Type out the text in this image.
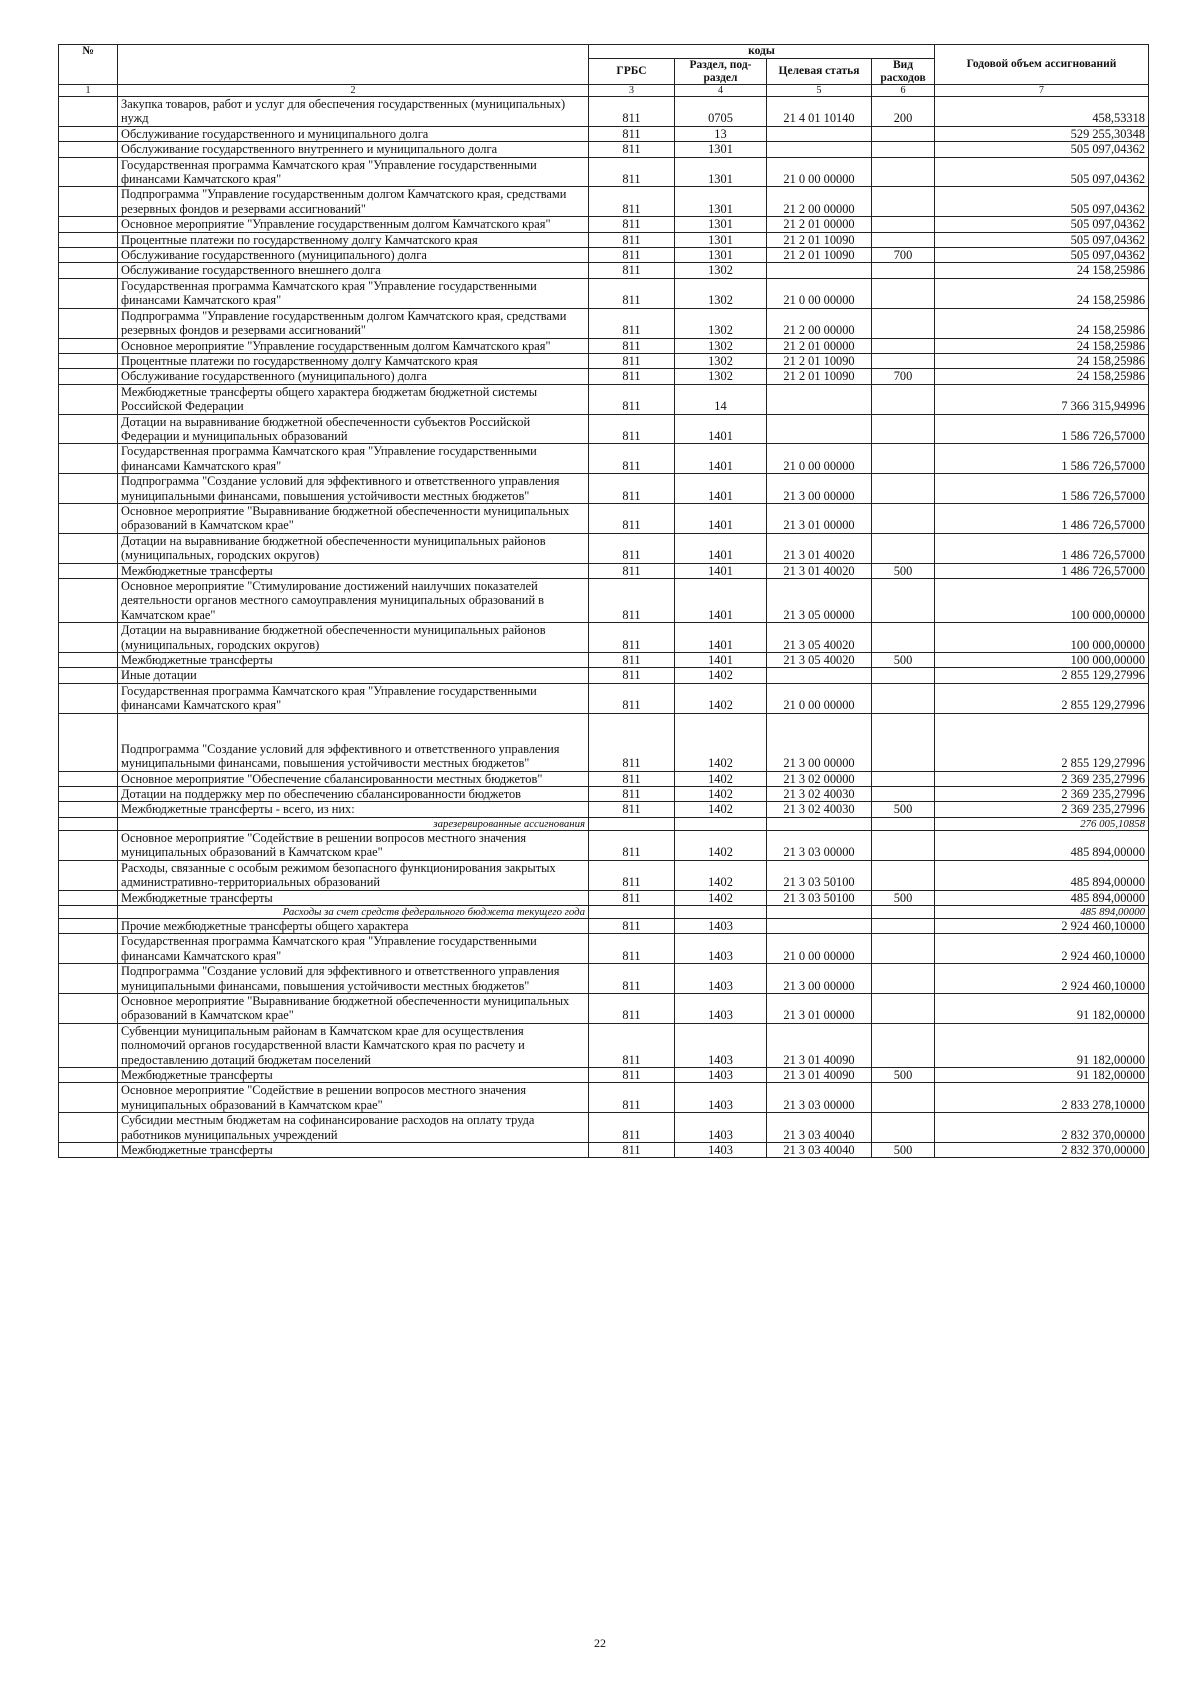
№		коды				Годовой объем ассигнований
		ГРБС	Раздел, под-раздел	Целевая статья	Вид расходов	
1	2	3	4	5	6	7
	Закупка товаров, работ и услуг для обеспечения государственных (муниципальных) нужд	811	0705	21 4 01 10140	200	458,53318
	Обслуживание государственного и муниципального долга	811	13			529 255,30348
	Обслуживание государственного внутреннего и муниципального долга	811	1301			505 097,04362
	Государственная программа Камчатского края "Управление государственными финансами Камчатского края"	811	1301	21 0 00 00000		505 097,04362
	Подпрограмма "Управление государственным долгом Камчатского края, средствами резервных фондов и резервами ассигнований"	811	1301	21 2 00 00000		505 097,04362
	Основное мероприятие "Управление государственным долгом Камчатского края"	811	1301	21 2 01 00000		505 097,04362
	Процентные платежи по государственному долгу Камчатского края	811	1301	21 2 01 10090		505 097,04362
	Обслуживание государственного (муниципального) долга	811	1301	21 2 01 10090	700	505 097,04362
	Обслуживание государственного внешнего долга	811	1302			24 158,25986
	Государственная программа Камчатского края "Управление государственными финансами Камчатского края"	811	1302	21 0 00 00000		24 158,25986
	Подпрограмма "Управление государственным долгом Камчатского края, средствами резервных фондов и резервами ассигнований"	811	1302	21 2 00 00000		24 158,25986
	Основное мероприятие "Управление государственным долгом Камчатского края"	811	1302	21 2 01 00000		24 158,25986
	Процентные платежи по государственному долгу Камчатского края	811	1302	21 2 01 10090		24 158,25986
	Обслуживание государственного (муниципального) долга	811	1302	21 2 01 10090	700	24 158,25986
	Межбюджетные трансферты общего характера бюджетам бюджетной системы Российской Федерации	811	14			7 366 315,94996
	Дотации на выравнивание бюджетной обеспеченности субъектов Российской Федерации и муниципальных образований	811	1401			1 586 726,57000
	Государственная программа Камчатского края "Управление государственными финансами Камчатского края"	811	1401	21 0 00 00000		1 586 726,57000
	Подпрограмма "Создание условий для эффективного и ответственного управления муниципальными финансами, повышения устойчивости местных бюджетов"	811	1401	21 3 00 00000		1 586 726,57000
	Основное мероприятие "Выравнивание бюджетной обеспеченности муниципальных образований в Камчатском крае"	811	1401	21 3 01 00000		1 486 726,57000
	Дотации на выравнивание бюджетной обеспеченности муниципальных районов (муниципальных, городских округов)	811	1401	21 3 01 40020		1 486 726,57000
	Межбюджетные трансферты	811	1401	21 3 01 40020	500	1 486 726,57000
	Основное мероприятие "Стимулирование достижений наилучших показателей деятельности органов местного самоуправления муниципальных образований в Камчатском крае"	811	1401	21 3 05 00000		100 000,00000
	Дотации на выравнивание бюджетной обеспеченности муниципальных районов (муниципальных, городских округов)	811	1401	21 3 05 40020		100 000,00000
	Межбюджетные трансферты	811	1401	21 3 05 40020	500	100 000,00000
	Иные дотации	811	1402			2 855 129,27996
	Государственная программа Камчатского края "Управление государственными финансами Камчатского края"	811	1402	21 0 00 00000		2 855 129,27996
	Подпрограмма "Создание условий для эффективного и ответственного управления муниципальными финансами, повышения устойчивости местных бюджетов"	811	1402	21 3 00 00000		2 855 129,27996
	Основное мероприятие "Обеспечение сбалансированности местных бюджетов"	811	1402	21 3 02 00000		2 369 235,27996
	Дотации на поддержку мер по обеспечению сбалансированности бюджетов	811	1402	21 3 02 40030		2 369 235,27996
	Межбюджетные трансферты - всего, из них:	811	1402	21 3 02 40030	500	2 369 235,27996
	зарезервированные ассигнования					276 005,10858
	Основное мероприятие "Содействие в решении вопросов местного значения муниципальных образований в Камчатском крае"	811	1402	21 3 03 00000		485 894,00000
	Расходы, связанные с особым режимом безопасного функционирования закрытых административно-территориальных образований	811	1402	21 3 03 50100		485 894,00000
	Межбюджетные трансферты	811	1402	21 3 03 50100	500	485 894,00000
	Расходы за счет средств федерального бюджета текущего года					485 894,00000
	Прочие межбюджетные трансферты общего характера	811	1403			2 924 460,10000
	Государственная программа Камчатского края "Управление государственными финансами Камчатского края"	811	1403	21 0 00 00000		2 924 460,10000
	Подпрограмма "Создание условий для эффективного и ответственного управления муниципальными финансами, повышения устойчивости местных бюджетов"	811	1403	21 3 00 00000		2 924 460,10000
	Основное мероприятие "Выравнивание бюджетной обеспеченности муниципальных образований в Камчатском крае"	811	1403	21 3 01 00000		91 182,00000
	Субвенции муниципальным районам в Камчатском крае для осуществления полномочий органов государственной власти Камчатского края по расчету и предоставлению дотаций бюджетам поселений	811	1403	21 3 01 40090		91 182,00000
	Межбюджетные трансферты	811	1403	21 3 01 40090	500	91 182,00000
	Основное мероприятие "Содействие в решении вопросов местного значения муниципальных образований в Камчатском крае"	811	1403	21 3 03 00000		2 833 278,10000
	Субсидии местным бюджетам на софинансирование расходов на оплату труда работников муниципальных учреждений	811	1403	21 3 03 40040		2 832 370,00000
	Межбюджетные трансферты	811	1403	21 3 03 40040	500	2 832 370,00000
22
